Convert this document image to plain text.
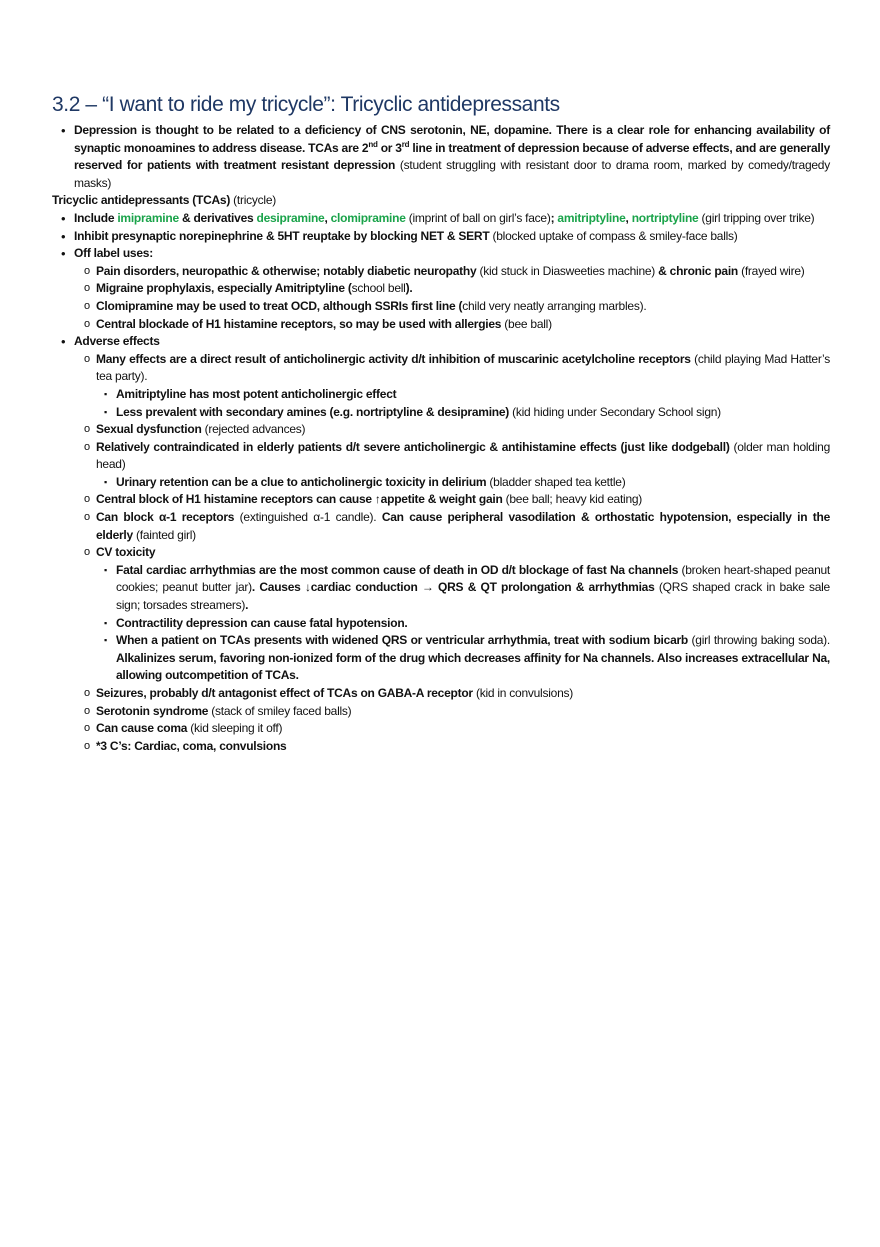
3.2 – “I want to ride my tricycle”: Tricyclic antidepressants
• Depression is thought to be related to a deficiency of CNS serotonin, NE, dopamine. There is a clear role for enhancing availability of synaptic monoamines to address disease. TCAs are 2nd or 3rd line in treatment of depression because of adverse effects, and are generally reserved for patients with treatment resistant depression (student struggling with resistant door to drama room, marked by comedy/tragedy masks)
Tricyclic antidepressants (TCAs) (tricycle)
• Include imipramine & derivatives desipramine, clomipramine (imprint of ball on girl’s face); amitriptyline, nortriptyline (girl tripping over trike)
• Inhibit presynaptic norepinephrine & 5HT reuptake by blocking NET & SERT (blocked uptake of compass & smiley-face balls)
• Off label uses:
o Pain disorders, neuropathic & otherwise; notably diabetic neuropathy (kid stuck in Diasweeties machine) & chronic pain (frayed wire)
o Migraine prophylaxis, especially Amitriptyline (school bell).
o Clomipramine may be used to treat OCD, although SSRIs first line (child very neatly arranging marbles).
o Central blockade of H1 histamine receptors, so may be used with allergies (bee ball)
• Adverse effects
o Many effects are a direct result of anticholinergic activity d/t inhibition of muscarinic acetylcholine receptors (child playing Mad Hatter’s tea party).
▪ Amitriptyline has most potent anticholinergic effect
▪ Less prevalent with secondary amines (e.g. nortriptyline & desipramine) (kid hiding under Secondary School sign)
o Sexual dysfunction (rejected advances)
o Relatively contraindicated in elderly patients d/t severe anticholinergic & antihistamine effects (just like dodgeball) (older man holding head)
▪ Urinary retention can be a clue to anticholinergic toxicity in delirium (bladder shaped tea kettle)
o Central block of H1 histamine receptors can cause ↑appetite & weight gain (bee ball; heavy kid eating)
o Can block α-1 receptors (extinguished α-1 candle). Can cause peripheral vasodilation & orthostatic hypotension, especially in the elderly (fainted girl)
o CV toxicity
▪ Fatal cardiac arrhythmias are the most common cause of death in OD d/t blockage of fast Na channels (broken heart-shaped peanut cookies; peanut butter jar). Causes ↓cardiac conduction → QRS & QT prolongation & arrhythmias (QRS shaped crack in bake sale sign; torsades streamers).
▪ Contractility depression can cause fatal hypotension.
▪ When a patient on TCAs presents with widened QRS or ventricular arrhythmia, treat with sodium bicarb (girl throwing baking soda). Alkalinizes serum, favoring non-ionized form of the drug which decreases affinity for Na channels. Also increases extracellular Na, allowing outcompetition of TCAs.
o Seizures, probably d/t antagonist effect of TCAs on GABA-A receptor (kid in convulsions)
o Serotonin syndrome (stack of smiley faced balls)
o Can cause coma (kid sleeping it off)
o *3 C’s: Cardiac, coma, convulsions
